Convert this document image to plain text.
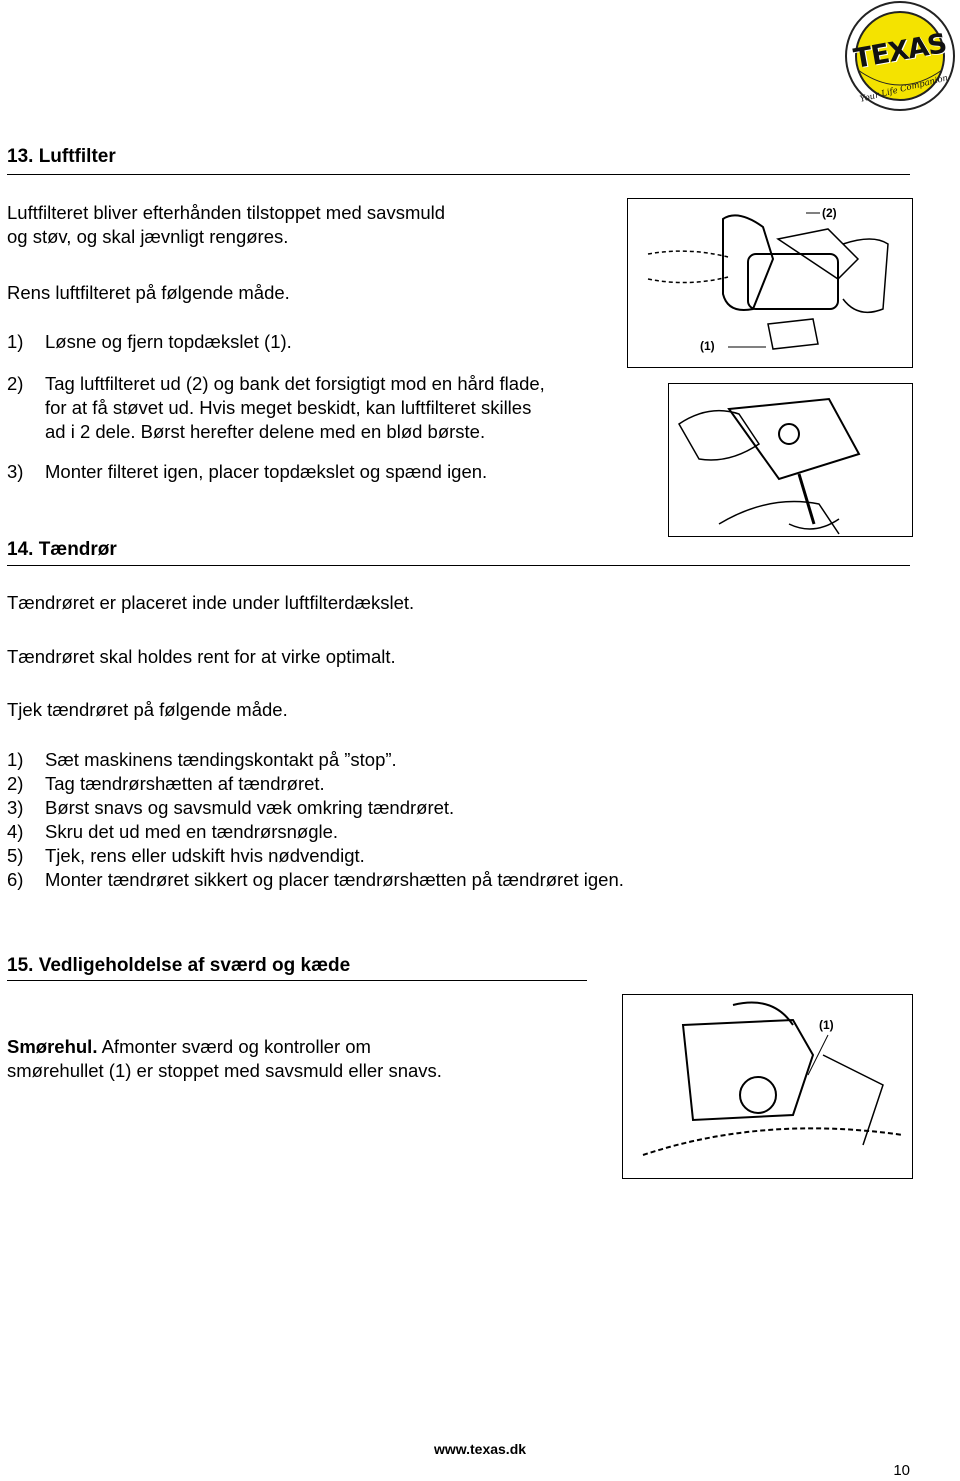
TEXAS
Your Life Companion
13. Luftfilter
Luftfilteret bliver efterhånden tilstoppet med savsmuld
og støv, og skal jævnligt rengøres.
Rens luftfilteret på følgende måde.
1) Løsne og fjern topdækslet (1).
2) Tag luftfilteret ud (2) og bank det forsigtigt mod en hård flade,
for at få støvet ud. Hvis meget beskidt, kan luftfilteret skilles
ad i 2 dele. Børst herefter delene med en blød børste.
3) Monter filteret igen, placer topdækslet og spænd igen.
(2)
(1)
14. Tændrør
Tændrøret er placeret inde under luftfilterdækslet.
Tændrøret skal holdes rent for at virke optimalt.
Tjek tændrøret på følgende måde.
1) Sæt maskinens tændingskontakt på ”stop”.
2) Tag tændrørshætten af tændrøret.
3) Børst snavs og savsmuld væk omkring tændrøret.
4) Skru det ud med en tændrørsnøgle.
5) Tjek, rens eller udskift hvis nødvendigt.
6) Monter tændrøret sikkert og placer tændrørshætten på tændrøret igen.
15. Vedligeholdelse af sværd og kæde
Smørehul. Afmonter sværd og kontroller om
smørehullet (1) er stoppet med savsmuld eller snavs.
(1)
www.texas.dk
10
